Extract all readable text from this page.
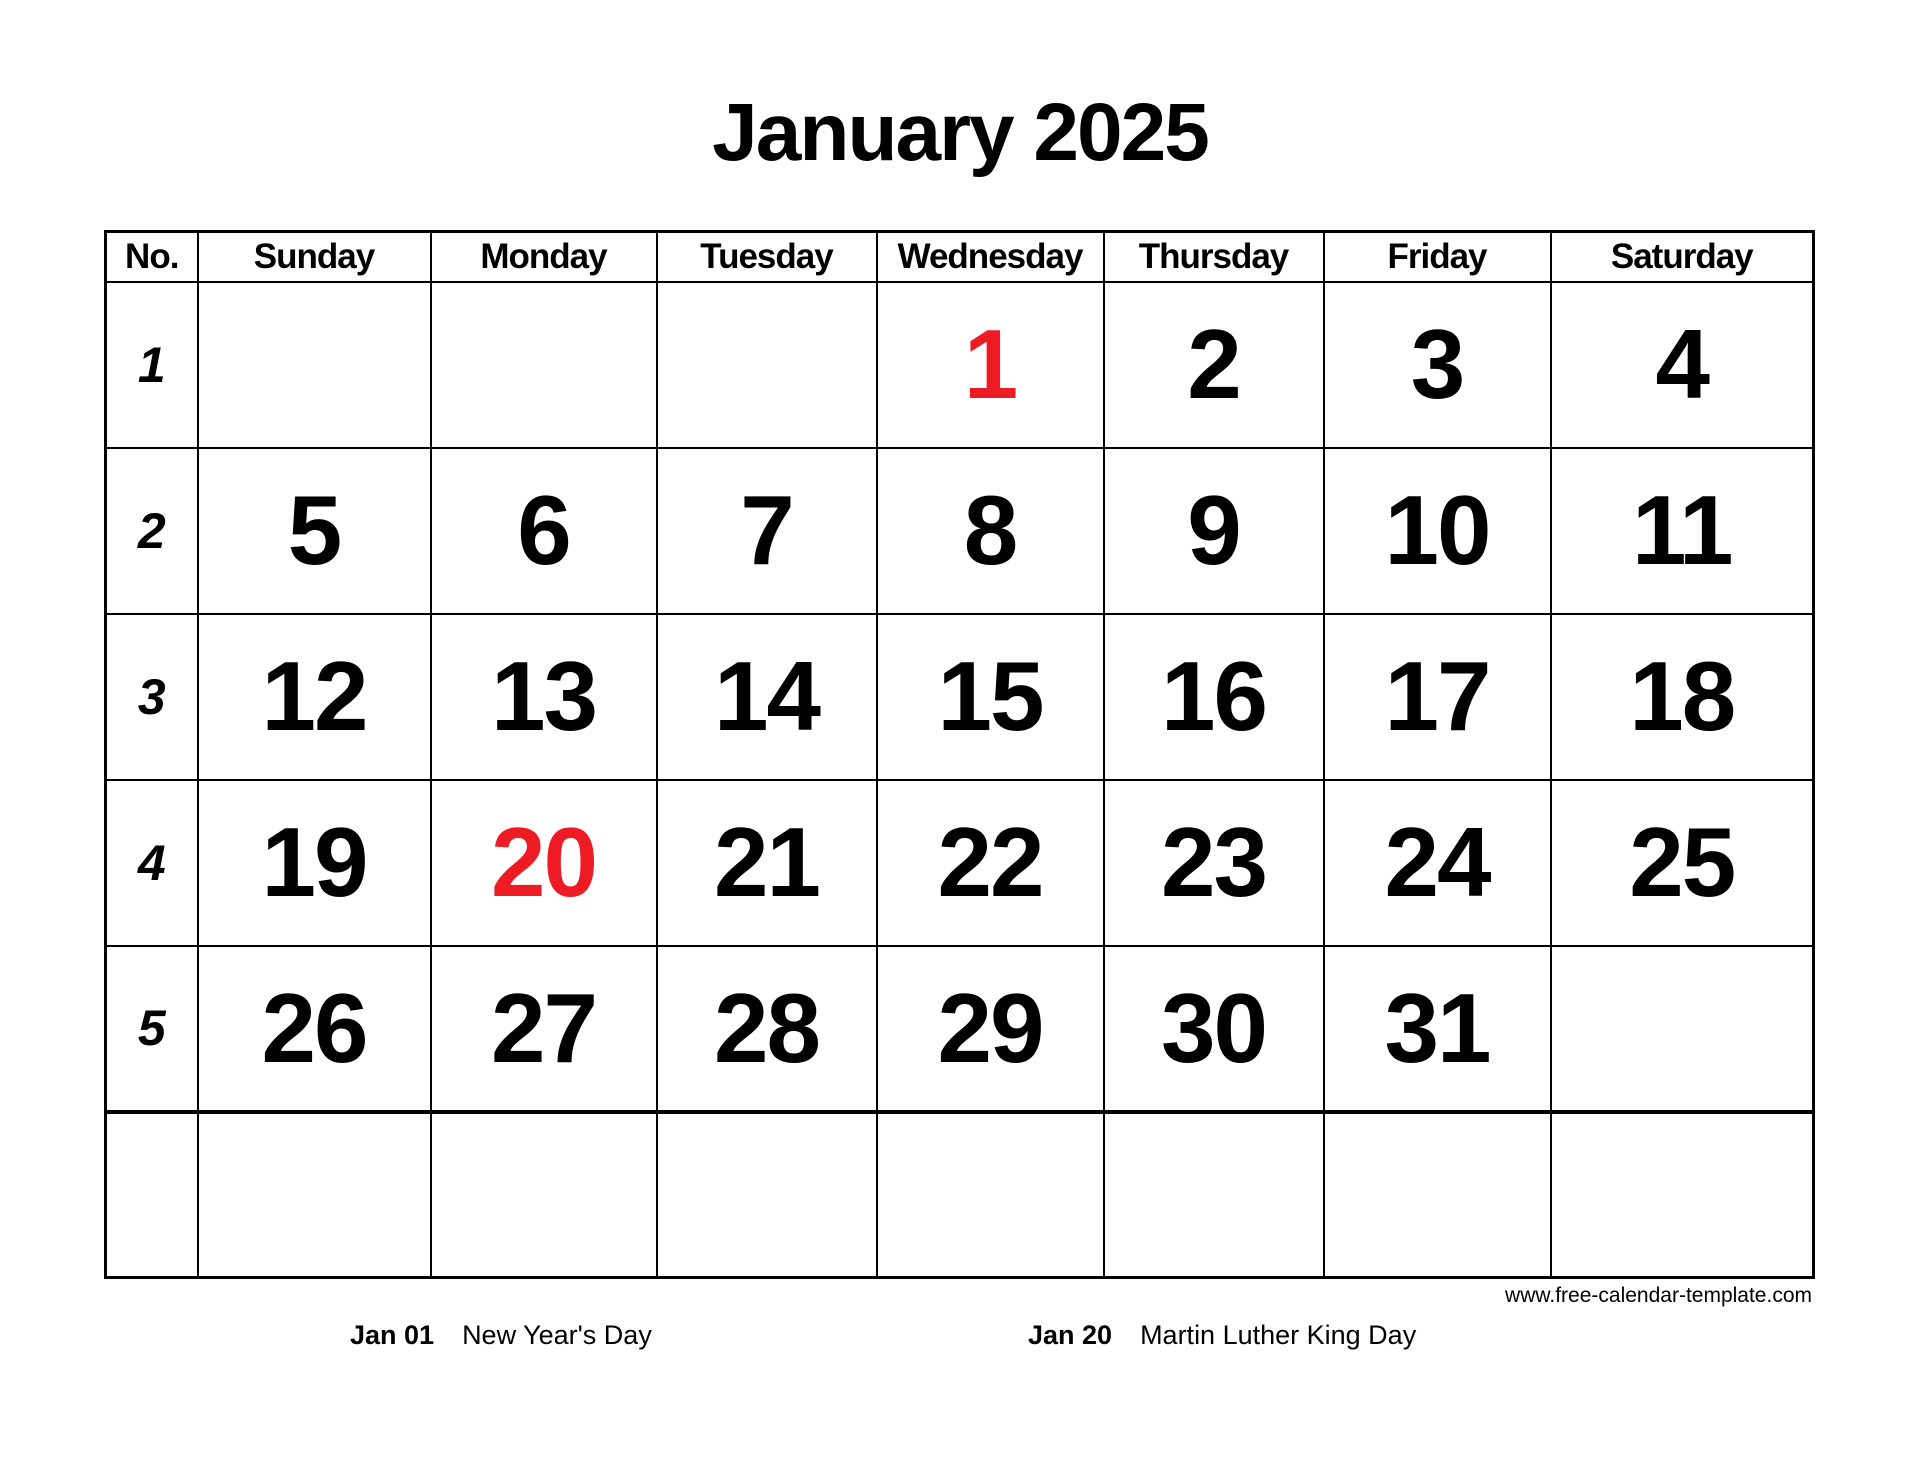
January 2025
No.	Sunday	Monday	Tuesday	Wednesday	Thursday	Friday	Saturday
1				1	2	3	4
2	5	6	7	8	9	10	11
3	12	13	14	15	16	17	18
4	19	20	21	22	23	24	25
5	26	27	28	29	30	31	

www.free-calendar-template.com
Jan 01 New Year's Day	Jan 20 Martin Luther King Day
